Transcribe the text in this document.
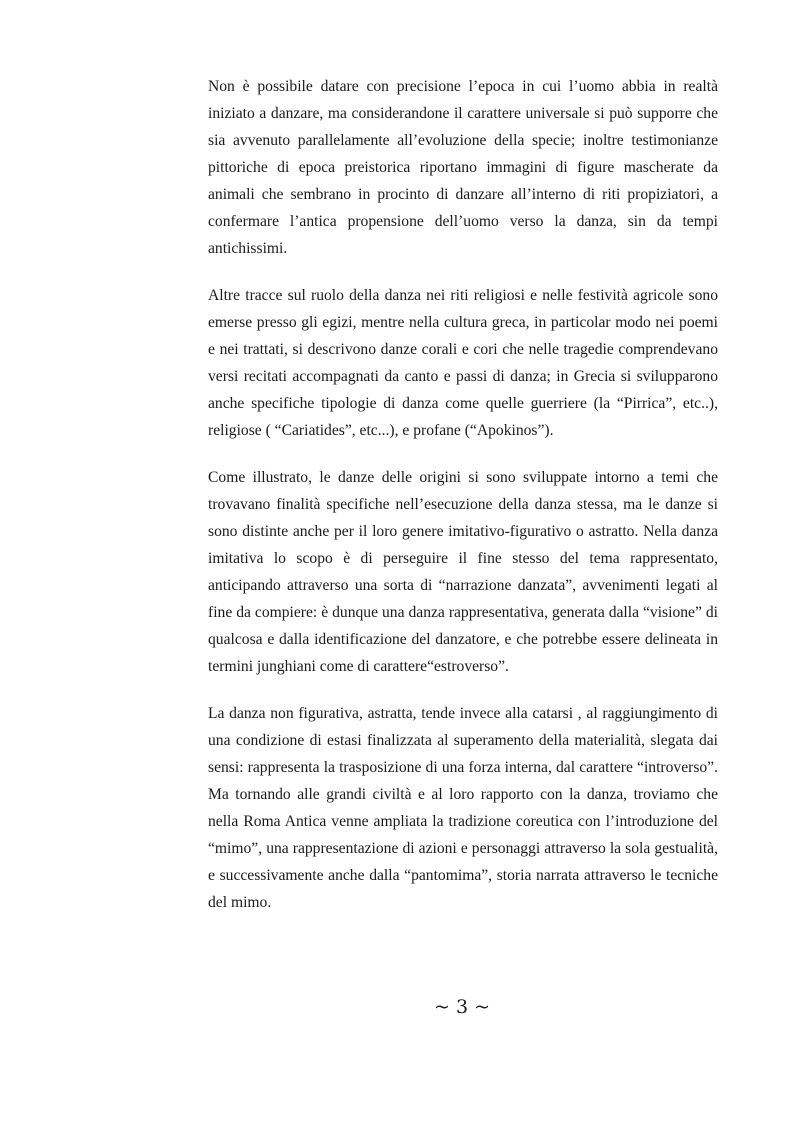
Non è possibile datare con precisione l’epoca in cui l’uomo abbia in realtà iniziato a danzare, ma considerandone il carattere universale si può supporre che sia avvenuto parallelamente all’evoluzione della specie; inoltre testimonianze pittoriche di epoca preistorica riportano immagini di figure mascherate da animali che sembrano in procinto di danzare all’interno di riti propiziatori, a confermare l’antica propensione dell’uomo verso la danza, sin da tempi antichissimi.

Altre tracce sul ruolo della danza nei riti religiosi e nelle festività agricole sono emerse presso gli egizi, mentre nella cultura greca, in particolar modo nei poemi e nei trattati, si descrivono danze corali e cori che nelle tragedie comprendevano versi recitati accompagnati da canto e passi di danza; in Grecia si svilupparono anche specifiche tipologie di danza come quelle guerriere (la “Pirrica”, etc..), religiose ( “Cariatides”, etc...), e profane (“Apokinos”).

Come illustrato, le danze delle origini si sono sviluppate intorno a temi che trovavano finalità specifiche nell’esecuzione della danza stessa, ma le danze si sono distinte anche per il loro genere imitativo-figurativo o astratto. Nella danza imitativa lo scopo è di perseguire il fine stesso del tema rappresentato, anticipando attraverso una sorta di “narrazione danzata”, avvenimenti legati al fine da compiere: è dunque una danza rappresentativa, generata dalla “visione” di qualcosa e dalla identificazione del danzatore, e che potrebbe essere delineata in termini junghiani come di carattere“estroverso”.

La danza non figurativa, astratta, tende invece alla catarsi , al raggiungimento di una condizione di estasi finalizzata al superamento della materialità, slegata dai sensi: rappresenta la trasposizione di una forza interna, dal carattere “introverso”. Ma tornando alle grandi civiltà e al loro rapporto con la danza, troviamo che nella Roma Antica venne ampliata la tradizione coreutica con l’introduzione del “mimo”, una rappresentazione di azioni e personaggi attraverso la sola gestualità, e successivamente anche dalla “pantomima”, storia narrata attraverso le tecniche del mimo.

~ 3 ~
